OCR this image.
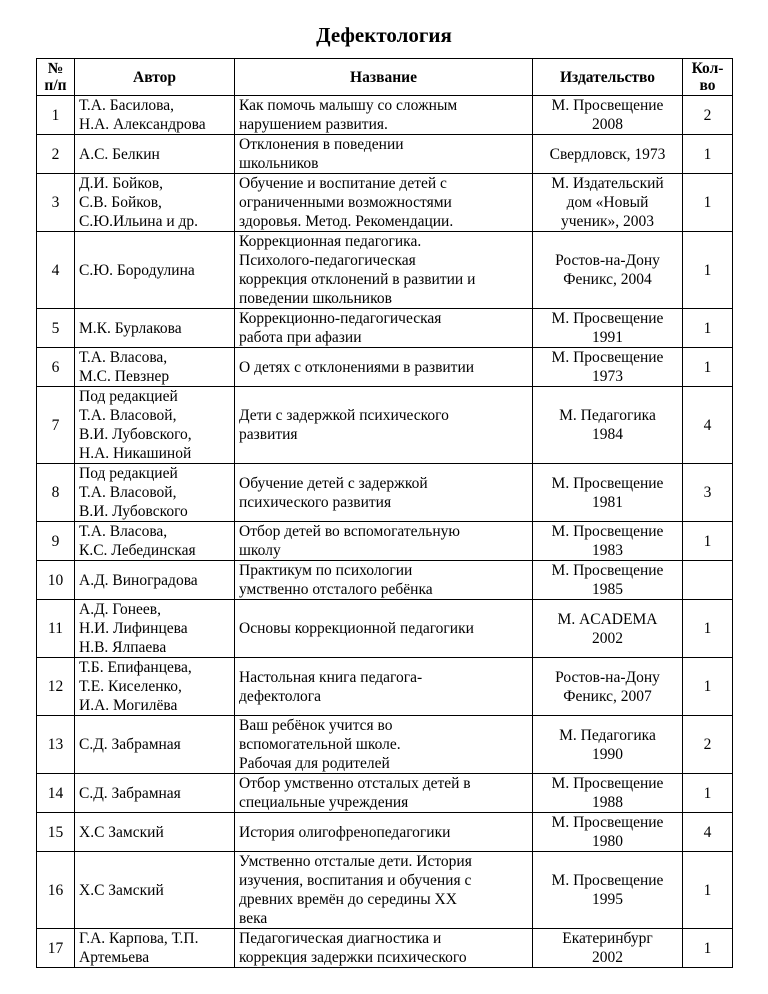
Дефектология
№
п/п	Автор	Название	Издательство	Кол-
во

1	Т.А. Басилова,
Н.А. Александрова	Как помочь малышу со сложным
нарушением развития.	М. Просвещение
2008	2
2	А.С. Белкин	Отклонения в поведении
школьников	Свердловск, 1973	1
3	Д.И. Бойков,
С.В. Бойков,
С.Ю.Ильина и др.	Обучение и воспитание детей с
ограниченными возможностями
здоровья. Метод. Рекомендации.	М. Издательский
дом «Новый
ученик», 2003	1
4	С.Ю. Бородулина	Коррекционная педагогика.
Психолого-педагогическая
коррекция отклонений в развитии и
поведении школьников	Ростов-на-Дону
Феникс, 2004	1
5	М.К. Бурлакова	Коррекционно-педагогическая
работа при афазии	М. Просвещение
1991	1
6	Т.А. Власова,
М.С. Певзнер	О детях с отклонениями в развитии	М. Просвещение
1973	1
7	Под редакцией
Т.А. Власовой,
В.И. Лубовского,
Н.А. Никашиной	Дети с задержкой психического
развития	М. Педагогика
1984	4
8	Под редакцией
Т.А. Власовой,
В.И. Лубовского	Обучение детей с задержкой
психического развития	М. Просвещение
1981	3
9	Т.А. Власова,
К.С. Лебединская	Отбор детей во вспомогательную
школу	М. Просвещение
1983	1
10	А.Д. Виноградова	Практикум по психологии
умственно отсталого ребёнка	М. Просвещение
1985	

11	А.Д. Гонеев,
Н.И. Лифинцева
Н.В. Ялпаева	Основы коррекционной педагогики	М. ACADEMA
2002	1
12	Т.Б. Епифанцева,
Т.Е. Киселенко,
И.А. Могилёва	Настольная книга педагога-
дефектолога	Ростов-на-Дону
Феникс, 2007	1
13	С.Д. Забрамная	Ваш ребёнок учится во
вспомогательной школе.
Рабочая для родителей	М. Педагогика
1990	2
14	С.Д. Забрамная	Отбор умственно отсталых детей в
специальные учреждения	М. Просвещение
1988	1
15	Х.С Замский	История олигофренопедагогики	М. Просвещение
1980	4
16	Х.С Замский	Умственно отсталые дети. История
изучения, воспитания и обучения с
древних времён до середины XX
века	М. Просвещение
1995	1
17	Г.А. Карпова, Т.П.
Артемьева	Педагогическая диагностика и
коррекция задержки психического	Екатеринбург
2002	1
